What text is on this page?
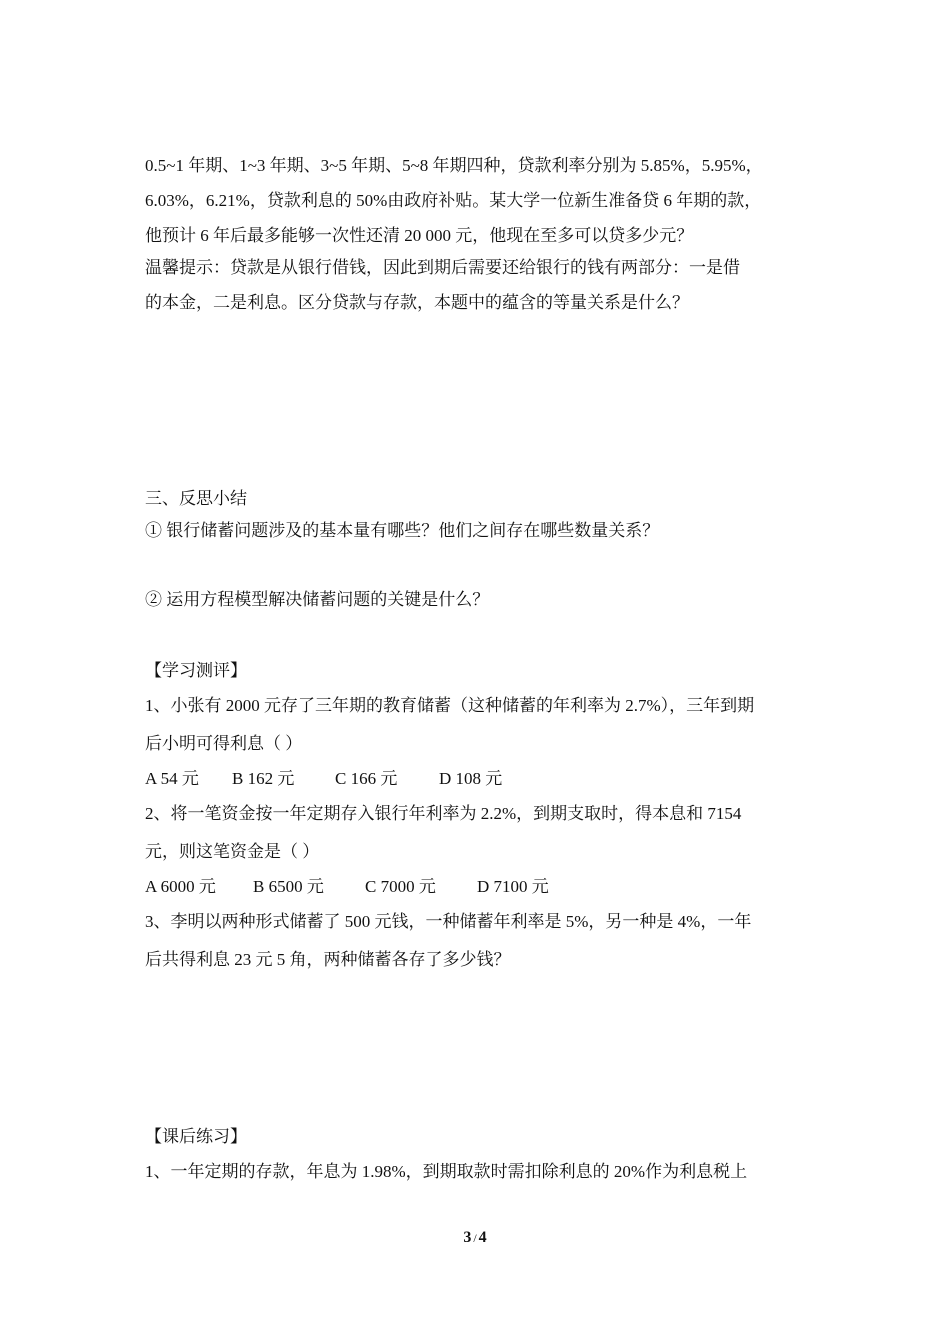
0.5~1 年期、1~3 年期、3~5 年期、5~8 年期四种，贷款利率分别为 5.85%，5.95%，
6.03%，6.21%，贷款利息的 50%由政府补贴。某大学一位新生准备贷 6 年期的款，
他预计 6 年后最多能够一次性还清 20 000 元，他现在至多可以贷多少元？
温馨提示：贷款是从银行借钱，因此到期后需要还给银行的钱有两部分：一是借
的本金，二是利息。区分贷款与存款，本题中的蕴含的等量关系是什么？
三、反思小结
① 银行储蓄问题涉及的基本量有哪些？他们之间存在哪些数量关系？
② 运用方程模型解决储蓄问题的关键是什么？
【学习测评】
1、小张有 2000 元存了三年期的教育储蓄（这种储蓄的年利率为 2.7%），三年到期
后小明可得利息（ ）
A 54 元	B 162 元	C 166 元	D 108 元
2、将一笔资金按一年定期存入银行年利率为 2.2%，到期支取时，得本息和 7154
元，则这笔资金是（ ）
A 6000 元	B 6500 元	C 7000 元	D 7100 元
3、李明以两种形式储蓄了 500 元钱，一种储蓄年利率是 5%，另一种是 4%，一年
后共得利息 23 元 5 角，两种储蓄各存了多少钱？
【课后练习】
1、一年定期的存款，年息为 1.98%，到期取款时需扣除利息的 20%作为利息税上
3 / 4
